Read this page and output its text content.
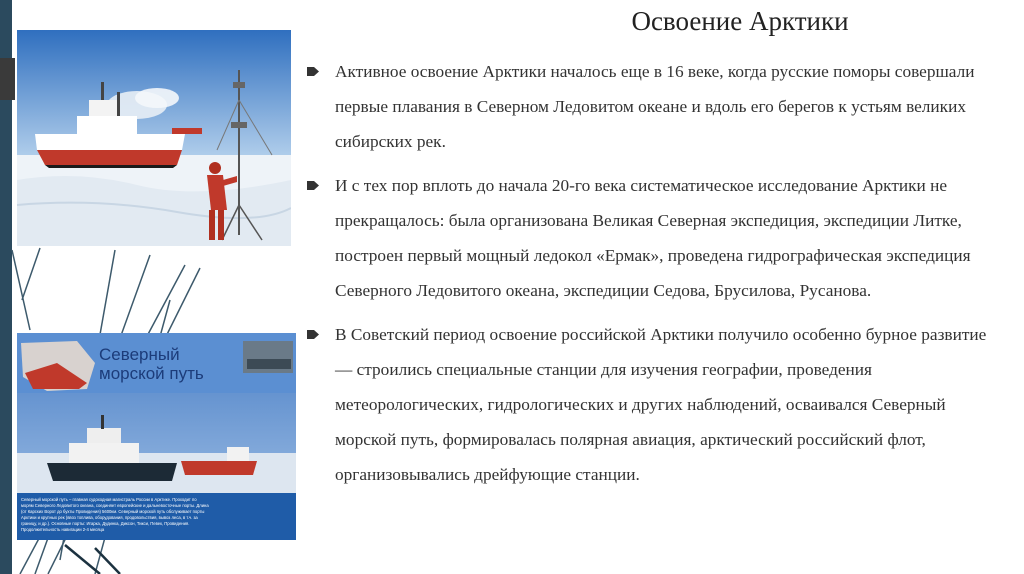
Северный морской путь – главная судоходная магистраль России в Арктике. Проходит по
морям Северного Ледовитого океана, соединяет европейские и дальневосточные порты. Длина
(от Карских Ворот до бухты Провидения) 5600км. Северный морской путь обслуживает порты
Арктики и крупных рек (ввоз топлива, оборудования, продовольствия, вывоз леса, в т.ч. за
границу, и др.). Основные порты: Игарка, Дудинка, Диксон, Тикси, Певек, Провидения.
Продолжительность навигации 2-4 месяца
Северный морской путь
Освоение Арктики
Активное освоение Арктики началось еще в 16 веке, когда русские поморы совершали первые плавания в Северном Ледовитом океане и вдоль его берегов к устьям великих сибирских рек.
И с тех пор вплоть до начала 20-го века систематическое исследование Арктики не прекращалось: была организована Великая Северная экспедиция, экспедиции Литке, построен первый мощный ледокол «Ермак», проведена гидрографическая экспедиция Северного Ледовитого океана, экспедиции Седова, Брусилова, Русанова.
В Советский период освоение российской Арктики получило особенно бурное развитие — строились специальные станции для изучения географии, проведения метеорологических, гидрологических и других наблюдений, осваивался Северный морской путь, формировалась полярная авиация, арктический российский флот, организовывались дрейфующие станции.
